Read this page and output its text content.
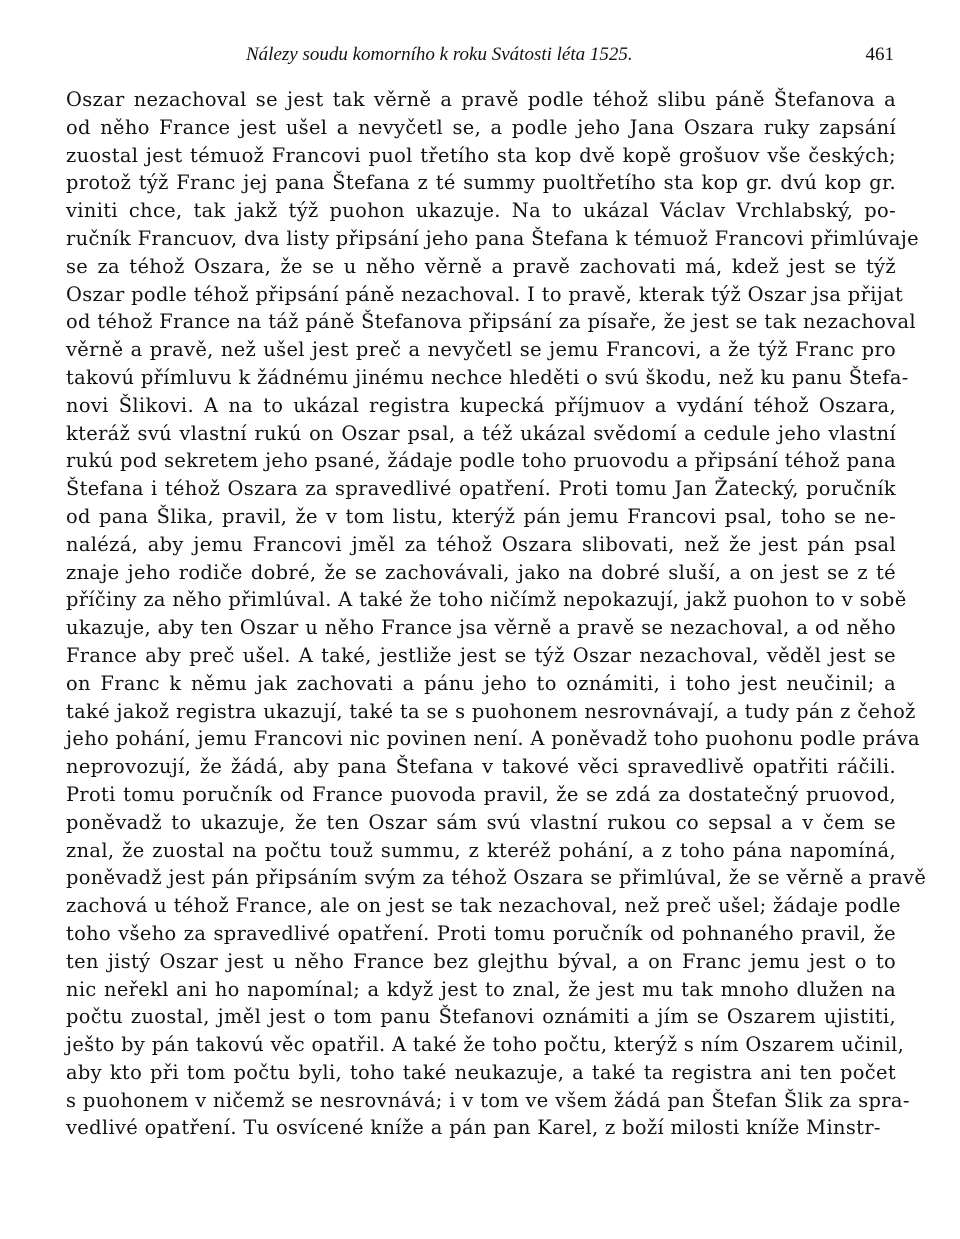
Nálezy soudu komorního k roku Svátosti léta 1525.	461
Oszar nezachoval se jest tak věrně a pravě podle téhož slibu páně Štefanova a
od něho France jest ušel a nevyčetl se, a podle jeho Jana Oszara ruky zapsání
zuostal jest témuož Francovi puol třetího sta kop dvě kopě grošuov vše českých;
protož týž Franc jej pana Štefana z té summy puoltřetího sta kop gr. dvú kop gr.
viniti chce, tak jakž týž puohon ukazuje. Na to ukázal Václav Vrchlabský, po-
ručník Francuov, dva listy připsání jeho pana Štefana k témuož Francovi přimlúvaje
se za téhož Oszara, že se u něho věrně a pravě zachovati má, kdež jest se týž
Oszar podle téhož připsání páně nezachoval. I to pravě, kterak týž Oszar jsa přijat
od téhož France na táž páně Štefanova připsání za písaře, že jest se tak nezachoval
věrně a pravě, než ušel jest preč a nevyčetl se jemu Francovi, a že týž Franc pro
takovú přímluvu k žádnému jinému nechce hleděti o svú škodu, než ku panu Štefa-
novi Šlikovi. A na to ukázal registra kupecká příjmuov a vydání téhož Oszara,
kteráž svú vlastní rukú on Oszar psal, a též ukázal svědomí a cedule jeho vlastní
rukú pod sekretem jeho psané, žádaje podle toho pruovodu a připsání téhož pana
Štefana i téhož Oszara za spravedlivé opatření. Proti tomu Jan Žatecký, poručník
od pana Šlika, pravil, že v tom listu, kterýž pán jemu Francovi psal, toho se ne-
nalézá, aby jemu Francovi jměl za téhož Oszara slibovati, než že jest pán psal
znaje jeho rodiče dobré, že se zachovávali, jako na dobré sluší, a on jest se z té
příčiny za něho přimlúval. A také že toho ničímž nepokazují, jakž puohon to v sobě
ukazuje, aby ten Oszar u něho France jsa věrně a pravě se nezachoval, a od něho
France aby preč ušel. A také, jestliže jest se týž Oszar nezachoval, věděl jest se
on Franc k němu jak zachovati a pánu jeho to oznámiti, i toho jest neučinil; a
také jakož registra ukazují, také ta se s puohonem nesrovnávají, a tudy pán z čehož
jeho pohání, jemu Francovi nic povinen není. A poněvadž toho puohonu podle práva
neprovozují, že žádá, aby pana Štefana v takové věci spravedlivě opatřiti ráčili.
Proti tomu poručník od France puovoda pravil, že se zdá za dostatečný pruovod,
poněvadž to ukazuje, že ten Oszar sám svú vlastní rukou co sepsal a v čem se
znal, že zuostal na počtu touž summu, z kteréž pohání, a z toho pána napomíná,
poněvadž jest pán připsáním svým za téhož Oszara se přimlúval, že se věrně a pravě
zachová u téhož France, ale on jest se tak nezachoval, než preč ušel; žádaje podle
toho všeho za spravedlivé opatření. Proti tomu poručník od pohnaného pravil, že
ten jistý Oszar jest u něho France bez glejthu býval, a on Franc jemu jest o to
nic neřekl ani ho napomínal; a když jest to znal, že jest mu tak mnoho dlužen na
počtu zuostal, jměl jest o tom panu Štefanovi oznámiti a jím se Oszarem ujistiti,
ješto by pán takovú věc opatřil. A také že toho počtu, kterýž s ním Oszarem učinil,
aby kto při tom počtu byli, toho také neukazuje, a také ta registra ani ten počet
s puohonem v ničemž se nesrovnává; i v tom ve všem žádá pan Štefan Šlik za spra-
vedlivé opatření. Tu osvícené kníže a pán pan Karel, z boží milosti kníže Minstr-
